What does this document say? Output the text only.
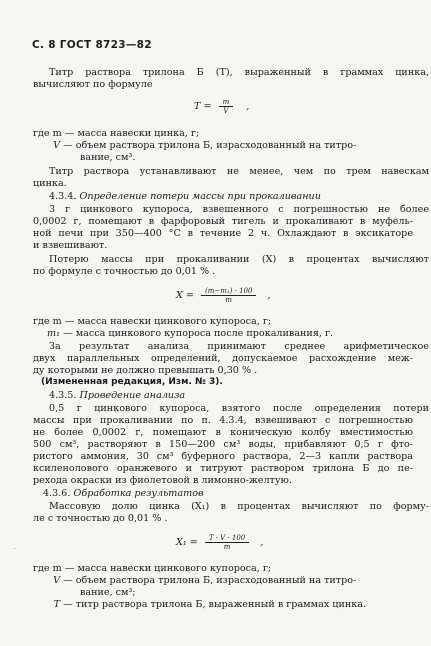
С. 8 ГОСТ 8723—82
Титр раствора трилона Б (T), выраженный в граммах цинка,
вычисляют по формуле
$T = \frac{m}{V}$ ,
где m — масса навески цинка, г;
V — объем раствора трилона Б, израсходованный на титро-
вание, см³.
Титр раствора устанавливают не менее, чем по трем навескам
цинка.
4.3.4. Определение потери массы при прокаливании
3 г цинкового купороса, взвешенного с погрешностью не более
0,0002 г, помещают в фарфоровый тигель и прокаливают в муфель-
ной печи при 350—400 °С в течение 2 ч. Охлаждают в эксикаторе
и взвешивают.
Потерю массы при прокаливании (X) в процентах вычисляют
по формуле с точностью до 0,01 % .
$X = \frac{\text{(m−m₁) · 100}}{m}$ ,
где m — масса навески цинкового купороса, г;
m₁ — масса цинкового купороса после прокаливания, г.
За результат анализа принимают среднее арифметическое
двух параллельных определений, допускаемое расхождение меж-
ду которыми не должно превышать 0,30 % .
(Измененная редакция, Изм. № 3).
4.3.5. Проведение анализа
0,5 г цинкового купороса, взятого после определения потери
массы при прокаливании по п. 4.3.4, взвешивают с погрешностью
не более 0,0002 г, помещают в коническую колбу вместимостью
500 см³, растворяют в 150—200 см³ воды, прибавляют 0,5 г фто-
ристого аммония, 30 см³ буферного раствора, 2—3 капли раствора
ксиленолового оранжевого и титруют раствором трилона Б до пе-
рехода окраски из фиолетовой в лимонно-желтую.
4.3.6. Обработка результатов
Массовую долю цинка (X₁) в процентах вычисляют по форму-
ле с точностью до 0,01 % .
$X_1 = \frac{T \cdot V \cdot 100}{m}$ ,
где m — масса навески цинкового купороса, г;
V — объем раствора трилона Б, израсходованный на титро-
вание, см³;
T — титр раствора трилона Б, выраженный в граммах цинка.
·
